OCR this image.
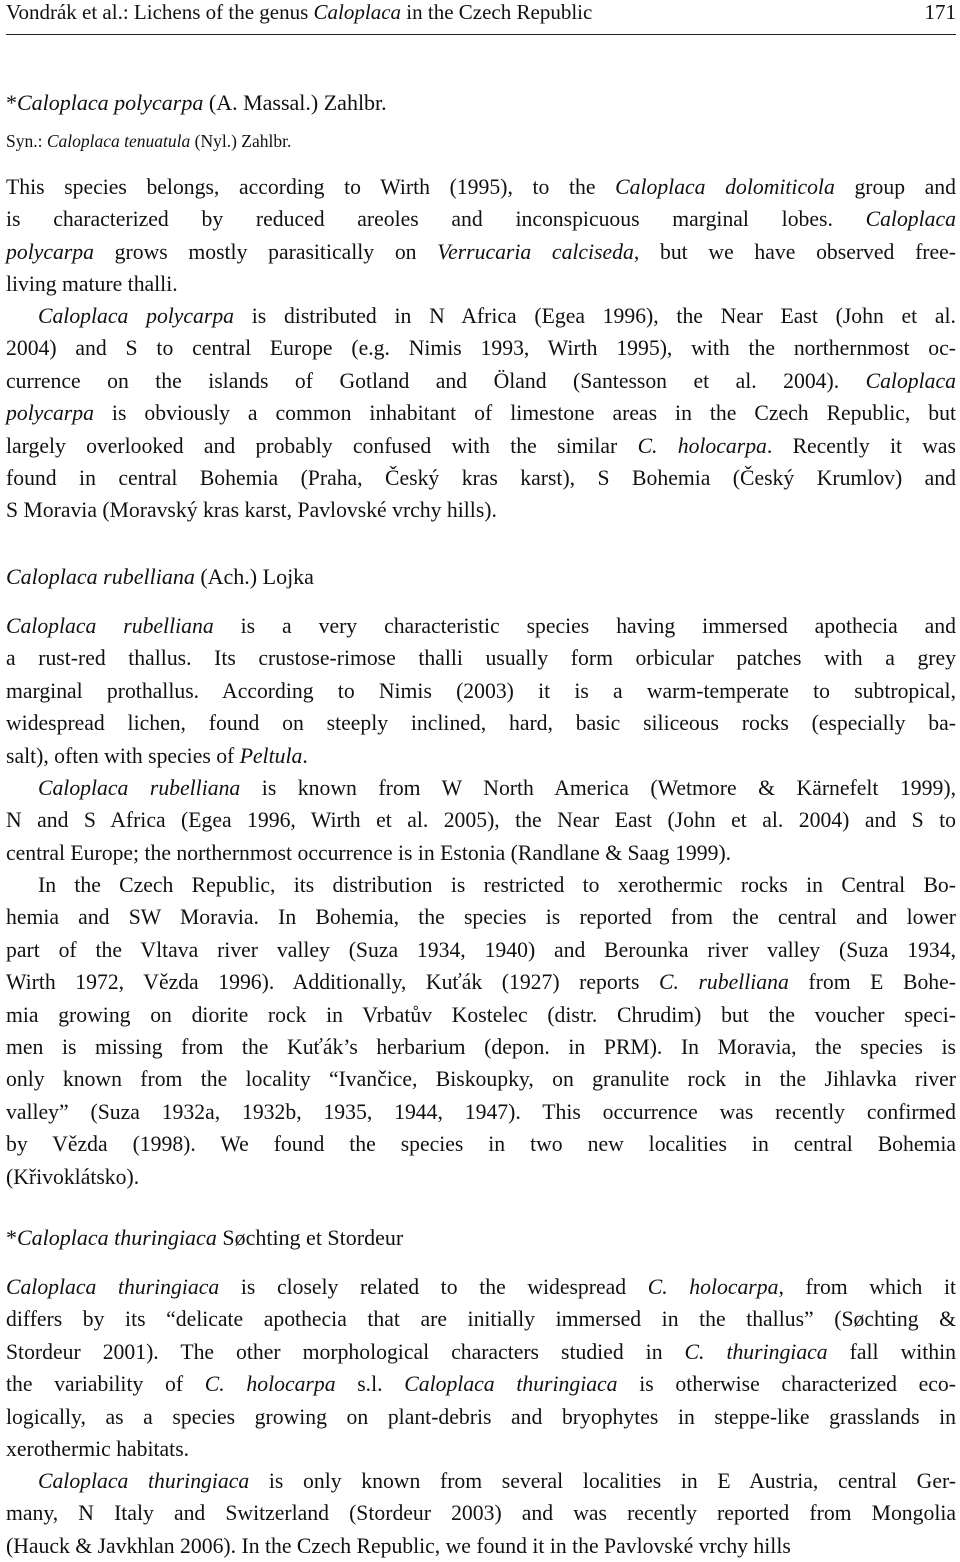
Vondrák et al.: Lichens of the genus Caloplaca in the Czech Republic	171

*Caloplaca polycarpa (A. Massal.) Zahlbr.

Syn.: Caloplaca tenuatula (Nyl.) Zahlbr.

This species belongs, according to Wirth (1995), to the Caloplaca dolomiticola group and
is characterized by reduced areoles and inconspicuous marginal lobes. Caloplaca
polycarpa grows mostly parasitically on Verrucaria calciseda, but we have observed free-
living mature thalli.
Caloplaca polycarpa is distributed in N Africa (Egea 1996), the Near East (John et al.
2004) and S to central Europe (e.g. Nimis 1993, Wirth 1995), with the northernmost oc-
currence on the islands of Gotland and Öland (Santesson et al. 2004). Caloplaca
polycarpa is obviously a common inhabitant of limestone areas in the Czech Republic, but
largely overlooked and probably confused with the similar C. holocarpa. Recently it was
found in central Bohemia (Praha, Český kras karst), S Bohemia (Český Krumlov) and
S Moravia (Moravský kras karst, Pavlovské vrchy hills).

Caloplaca rubelliana (Ach.) Lojka

Caloplaca rubelliana is a very characteristic species having immersed apothecia and
a rust-red thallus. Its crustose-rimose thalli usually form orbicular patches with a grey
marginal prothallus. According to Nimis (2003) it is a warm-temperate to subtropical,
widespread lichen, found on steeply inclined, hard, basic siliceous rocks (especially ba-
salt), often with species of Peltula.
Caloplaca rubelliana is known from W North America (Wetmore & Kärnefelt 1999),
N and S Africa (Egea 1996, Wirth et al. 2005), the Near East (John et al. 2004) and S to
central Europe; the northernmost occurrence is in Estonia (Randlane & Saag 1999).
In the Czech Republic, its distribution is restricted to xerothermic rocks in Central Bo-
hemia and SW Moravia. In Bohemia, the species is reported from the central and lower
part of the Vltava river valley (Suza 1934, 1940) and Berounka river valley (Suza 1934,
Wirth 1972, Vězda 1996). Additionally, Kuťák (1927) reports C. rubelliana from E Bohe-
mia growing on diorite rock in Vrbatův Kostelec (distr. Chrudim) but the voucher speci-
men is missing from the Kuťák’s herbarium (depon. in PRM). In Moravia, the species is
only known from the locality “Ivančice, Biskoupky, on granulite rock in the Jihlavka river
valley” (Suza 1932a, 1932b, 1935, 1944, 1947). This occurrence was recently confirmed
by Vězda (1998). We found the species in two new localities in central Bohemia
(Křivoklátsko).

*Caloplaca thuringiaca Søchting et Stordeur

Caloplaca thuringiaca is closely related to the widespread C. holocarpa, from which it
differs by its “delicate apothecia that are initially immersed in the thallus” (Søchting &
Stordeur 2001). The other morphological characters studied in C. thuringiaca fall within
the variability of C. holocarpa s.l. Caloplaca thuringiaca is otherwise characterized eco-
logically, as a species growing on plant-debris and bryophytes in steppe-like grasslands in
xerothermic habitats.
Caloplaca thuringiaca is only known from several localities in E Austria, central Ger-
many, N Italy and Switzerland (Stordeur 2003) and was recently reported from Mongolia
(Hauck & Javkhlan 2006). In the Czech Republic, we found it in the Pavlovské vrchy hills
